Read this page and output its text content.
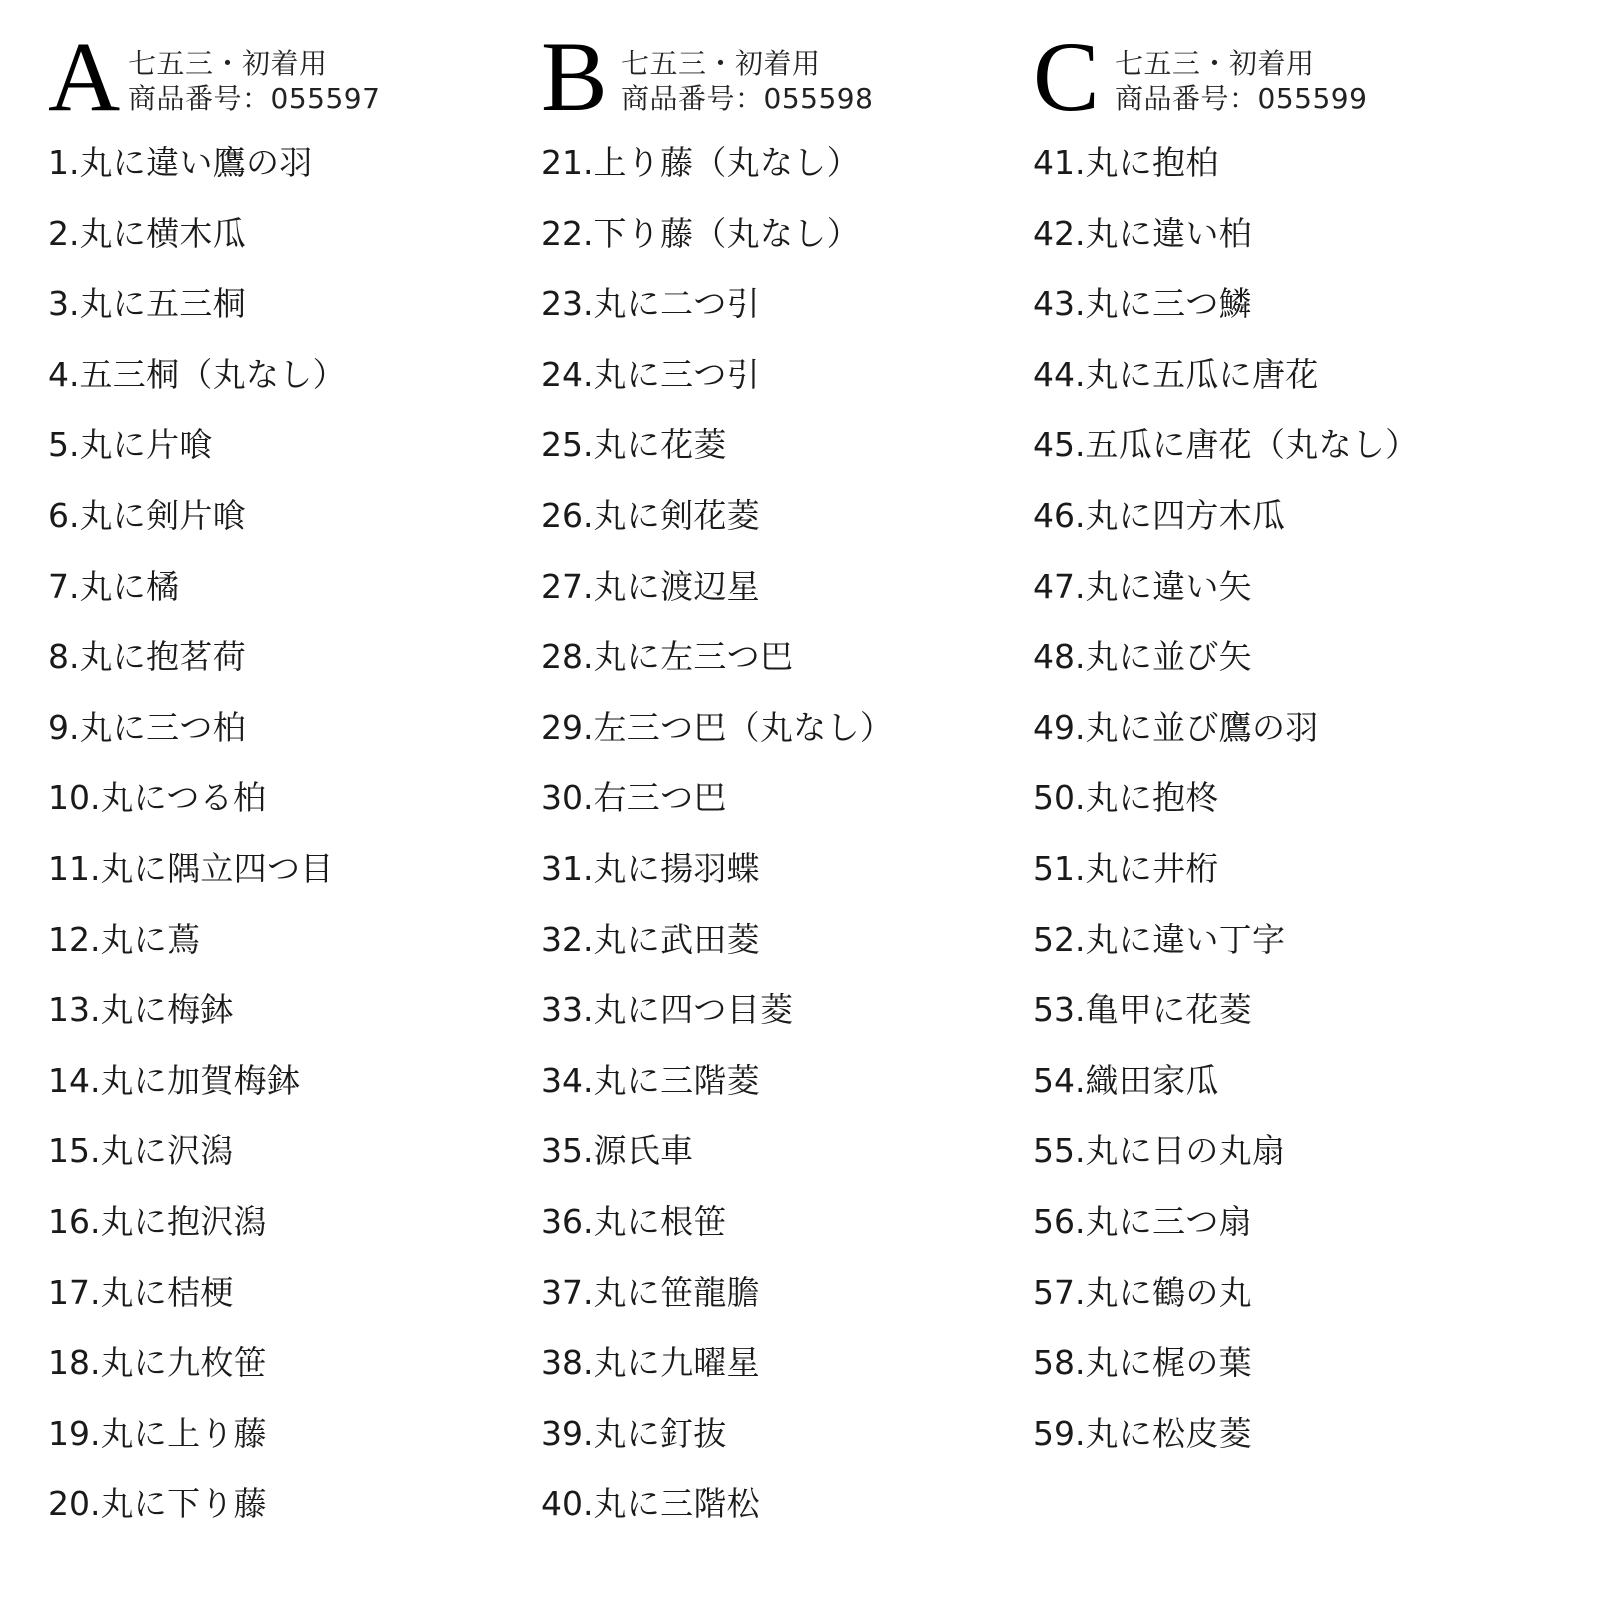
A 七五三・初着用
商品番号：055597
1.丸に違い鷹の羽
2.丸に横木瓜
3.丸に五三桐
4.五三桐（丸なし）
5.丸に片喰
6.丸に剣片喰
7.丸に橘
8.丸に抱茗荷
9.丸に三つ柏
10.丸につる柏
11.丸に隅立四つ目
12.丸に蔦
13.丸に梅鉢
14.丸に加賀梅鉢
15.丸に沢潟
16.丸に抱沢潟
17.丸に桔梗
18.丸に九枚笹
19.丸に上り藤
20.丸に下り藤
B 七五三・初着用
商品番号：055598
21.上り藤（丸なし）
22.下り藤（丸なし）
23.丸に二つ引
24.丸に三つ引
25.丸に花菱
26.丸に剣花菱
27.丸に渡辺星
28.丸に左三つ巴
29.左三つ巴（丸なし）
30.右三つ巴
31.丸に揚羽蝶
32.丸に武田菱
33.丸に四つ目菱
34.丸に三階菱
35.源氏車
36.丸に根笹
37.丸に笹龍膽
38.丸に九曜星
39.丸に釘抜
40.丸に三階松
C 七五三・初着用
商品番号：055599
41.丸に抱柏
42.丸に違い柏
43.丸に三つ鱗
44.丸に五瓜に唐花
45.五瓜に唐花（丸なし）
46.丸に四方木瓜
47.丸に違い矢
48.丸に並び矢
49.丸に並び鷹の羽
50.丸に抱柊
51.丸に井桁
52.丸に違い丁字
53.亀甲に花菱
54.織田家瓜
55.丸に日の丸扇
56.丸に三つ扇
57.丸に鶴の丸
58.丸に梶の葉
59.丸に松皮菱
